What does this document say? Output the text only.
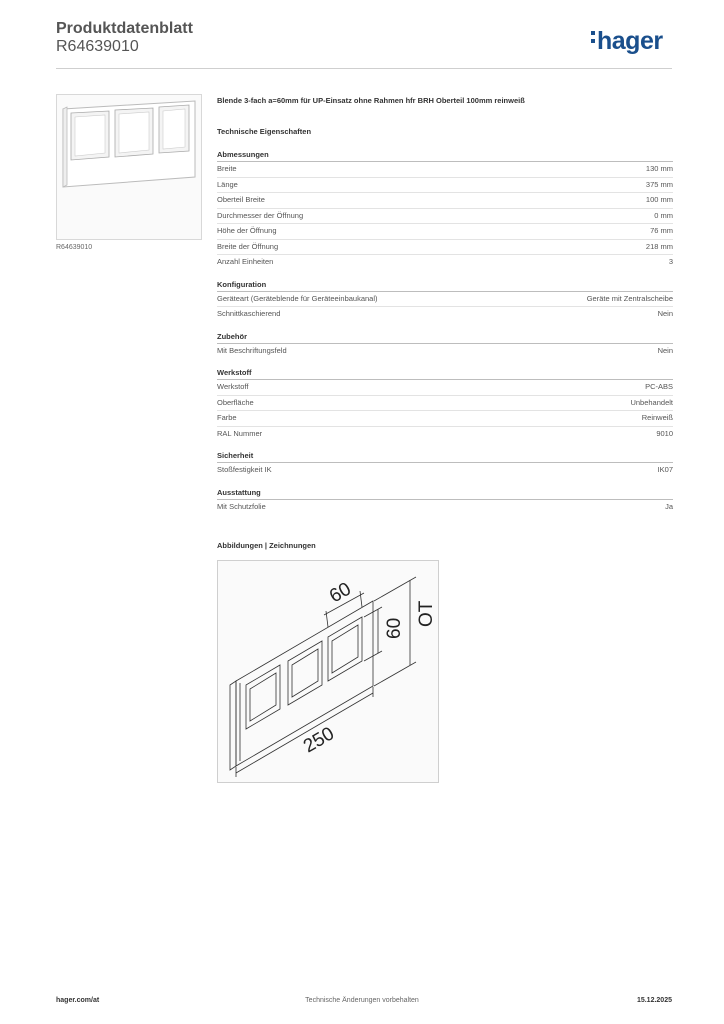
Produktdatenblatt
R64639010	hager
R64639010
Blende 3-fach a=60mm für UP-Einsatz ohne Rahmen hfr BRH Oberteil 100mm reinweiß
Technische Eigenschaften
Abmessungen
Breite	130 mm
Länge	375 mm
Oberteil Breite	100 mm
Durchmesser der Öffnung	0 mm
Höhe der Öffnung	76 mm
Breite der Öffnung	218 mm
Anzahl Einheiten	3
Konfiguration
Geräteart (Geräteblende für Geräteeinbaukanal)	Geräte mit Zentralscheibe
Schnittkaschierend	Nein
Zubehör
Mit Beschriftungsfeld	Nein
Werkstoff
Werkstoff	PC-ABS
Oberfläche	Unbehandelt
Farbe	Reinweiß
RAL Nummer	9010
Sicherheit
Stoßfestigkeit IK	IK07
Ausstattung
Mit Schutzfolie	Ja
Abbildungen | Zeichnungen
60
60
OT
250
hager.com/at	Technische Änderungen vorbehalten	15.12.2025
